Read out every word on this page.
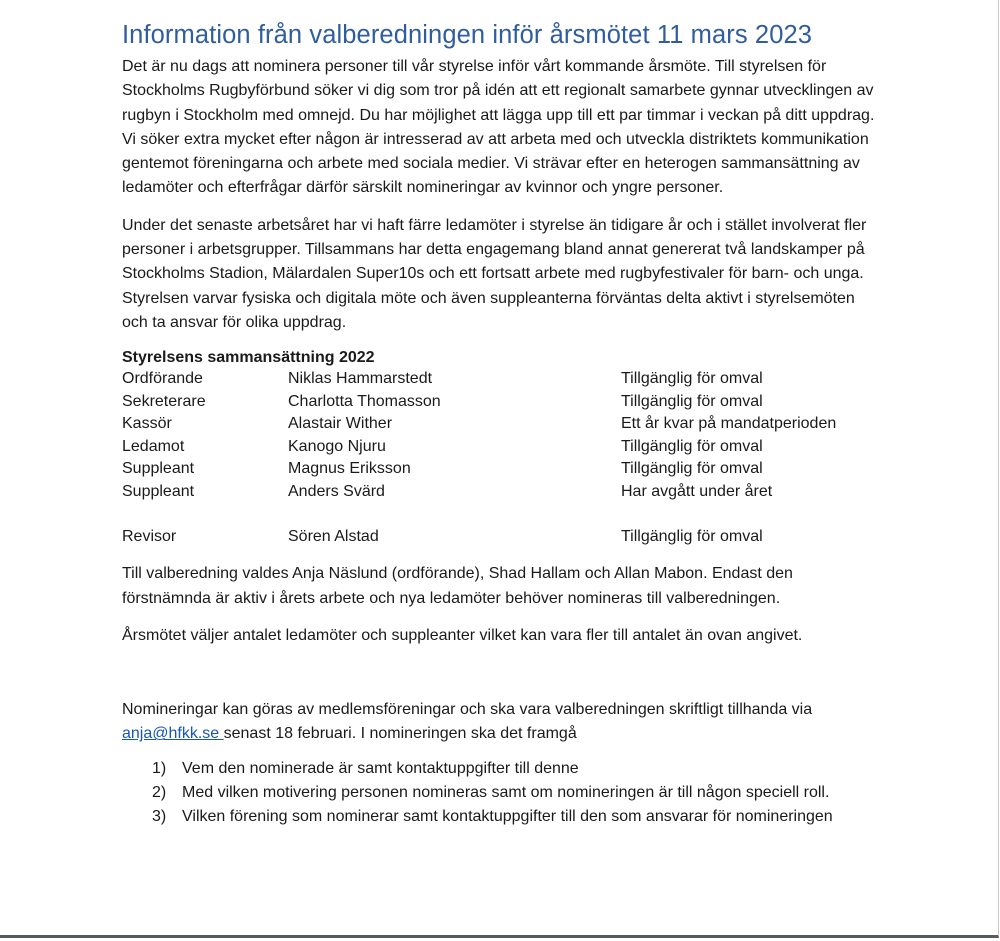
Information från valberedningen inför årsmötet 11 mars 2023

Det är nu dags att nominera personer till vår styrelse inför vårt kommande årsmöte. Till styrelsen för Stockholms Rugbyförbund söker vi dig som tror på idén att ett regionalt samarbete gynnar utvecklingen av rugbyn i Stockholm med omnejd. Du har möjlighet att lägga upp till ett par timmar i veckan på ditt uppdrag. Vi söker extra mycket efter någon är intresserad av att arbeta med och utveckla distriktets kommunikation gentemot föreningarna och arbete med sociala medier. Vi strävar efter en heterogen sammansättning av ledamöter och efterfrågar därför särskilt nomineringar av kvinnor och yngre personer.

Under det senaste arbetsåret har vi haft färre ledamöter i styrelse än tidigare år och i stället involverat fler personer i arbetsgrupper. Tillsammans har detta engagemang bland annat genererat två landskamper på Stockholms Stadion, Mälardalen Super10s och ett fortsatt arbete med rugbyfestivaler för barn- och unga. Styrelsen varvar fysiska och digitala möte och även suppleanterna förväntas delta aktivt i styrelsemöten och ta ansvar för olika uppdrag.

Styrelsens sammansättning 2022
Ordförande	Niklas Hammarstedt	Tillgänglig för omval
Sekreterare	Charlotta Thomasson	Tillgänglig för omval
Kassör	Alastair Wither	Ett år kvar på mandatperioden
Ledamot	Kanogo Njuru	Tillgänglig för omval
Suppleant	Magnus Eriksson	Tillgänglig för omval
Suppleant	Anders Svärd	Har avgått under året
Revisor	Sören Alstad	Tillgänglig för omval

Till valberedning valdes Anja Näslund (ordförande), Shad Hallam och Allan Mabon. Endast den förstnämnda är aktiv i årets arbete och nya ledamöter behöver nomineras till valberedningen.

Årsmötet väljer antalet ledamöter och suppleanter vilket kan vara fler till antalet än ovan angivet.

Nomineringar kan göras av medlemsföreningar och ska vara valberedningen skriftligt tillhanda via anja@hfkk.se senast 18 februari. I nomineringen ska det framgå

1) Vem den nominerade är samt kontaktuppgifter till denne
2) Med vilken motivering personen nomineras samt om nomineringen är till någon speciell roll.
3) Vilken förening som nominerar samt kontaktuppgifter till den som ansvarar för nomineringen
